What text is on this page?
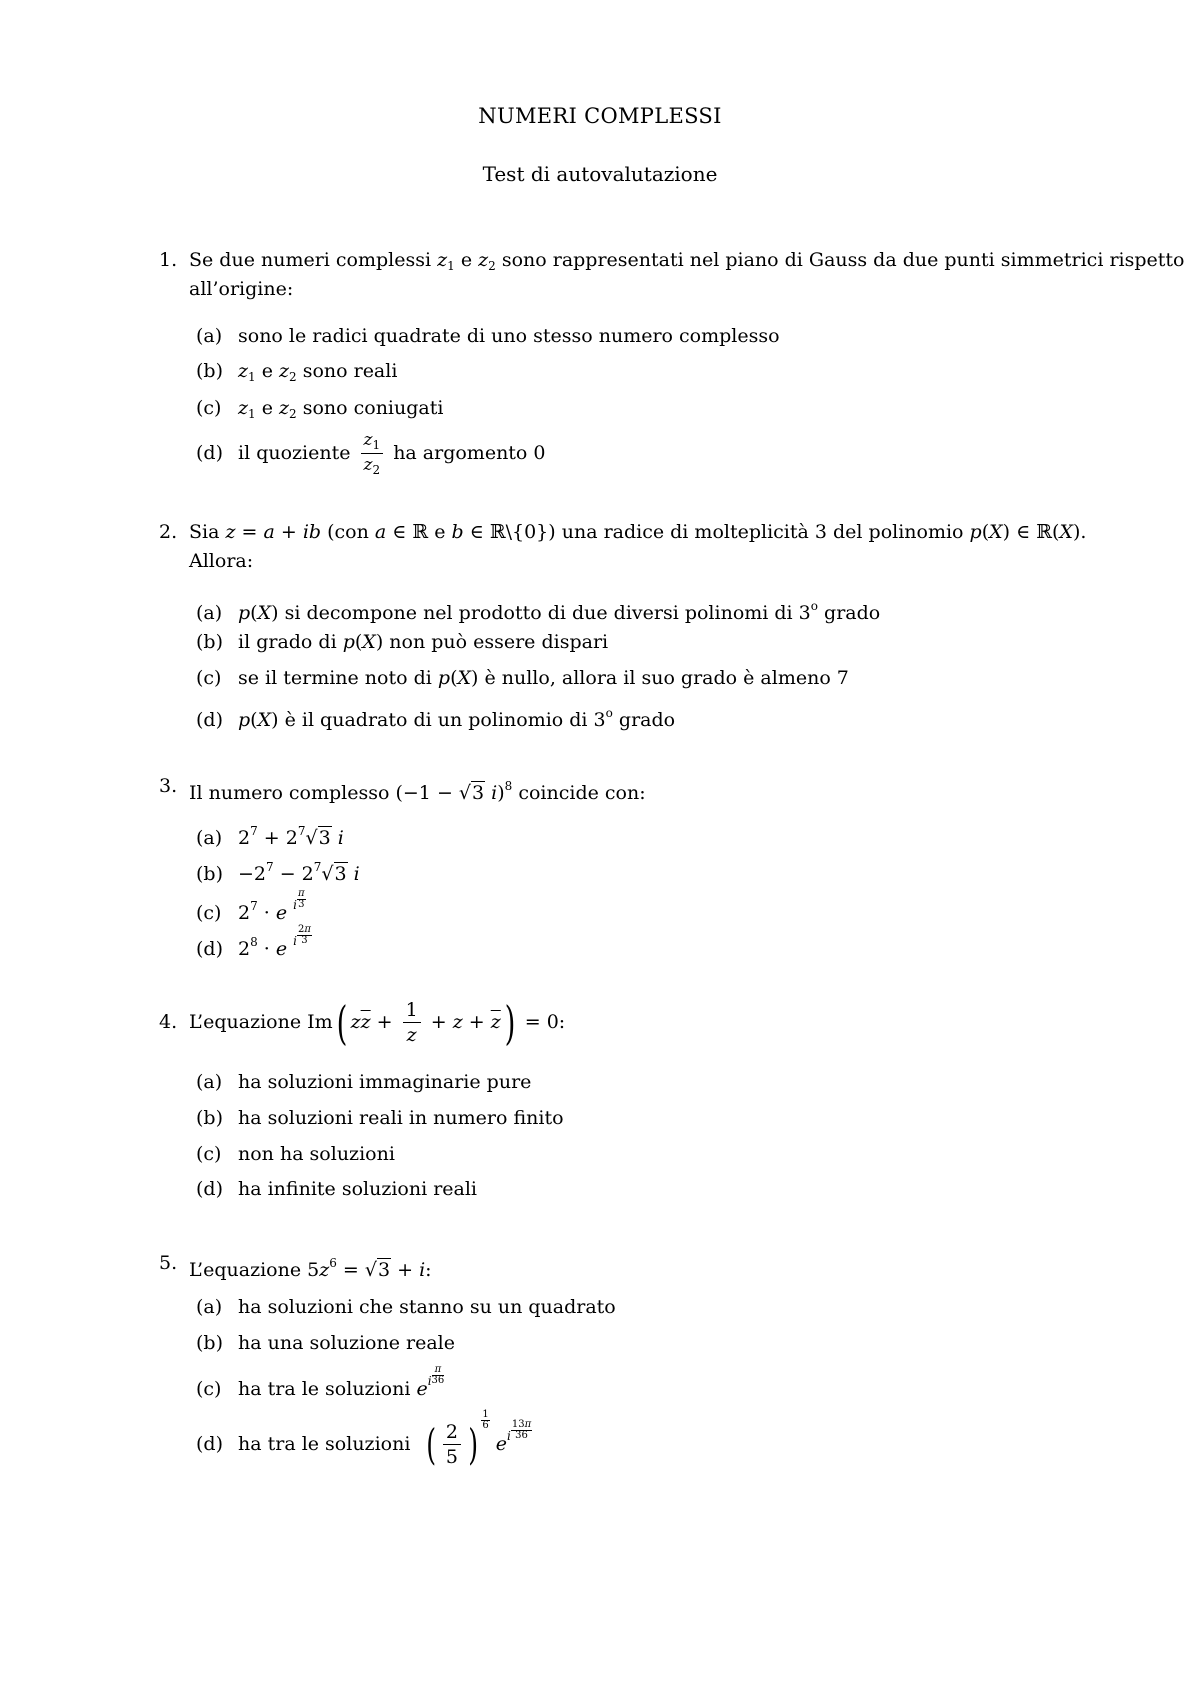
NUMERI COMPLESSI
Test di autovalutazione
1. Se due numeri complessi $z_1$ e $z_2$ sono rappresentati nel piano di Gauss da due punti simmetrici rispetto
all’origine:
(a) sono le radici quadrate di uno stesso numero complesso
(b) $z_1$ e $z_2$ sono reali
(c) $z_1$ e $z_2$ sono coniugati
(d) il quoziente $\frac{z_1}{z_2}$ ha argomento 0
2. Sia z = a + ib (con a ∈ ℝ e b ∈ ℝ\{0}) una radice di molteplicità 3 del polinomio p(X) ∈ ℝ(X).
Allora:
(a) p(X) si decompone nel prodotto di due diversi polinomi di 3$^o$ grado
(b) il grado di p(X) non può essere dispari
(c) se il termine noto di p(X) è nullo, allora il suo grado è almeno 7
(d) p(X) è il quadrato di un polinomio di 3$^o$ grado
3. Il numero complesso (−1 − √3 i)$^8$ coincide con:
(a) $2^7 + 2^7√3$ i
$(b) -2^7 - 2^7√3$ i
(c) $2^7 \cdot e$ $^i \frac{\pi}{3}$
(d) $2^8 \cdot e$ $^i \frac{2\pi}{3}$
4. L’equazione Im( $z\overline{z} + \frac{1}{z} + z + \overline{z}) = 0$:
(a) ha soluzioni immaginarie pure
(b) ha soluzioni reali in numero finito
(c) non ha soluzioni
(d) ha infinite soluzioni reali
5. L’equazione $5z^6 = √3 + i$:
(a) ha soluzioni che stanno su un quadrato
(b) ha una soluzione reale
(c) ha tra le soluzioni $e^i \frac{\pi}{36}$
(d) ha tra le soluzioni ( $\frac{2}{5}$ ) $\frac{1}{6}$
$e^i \frac{13\pi}{36}$
